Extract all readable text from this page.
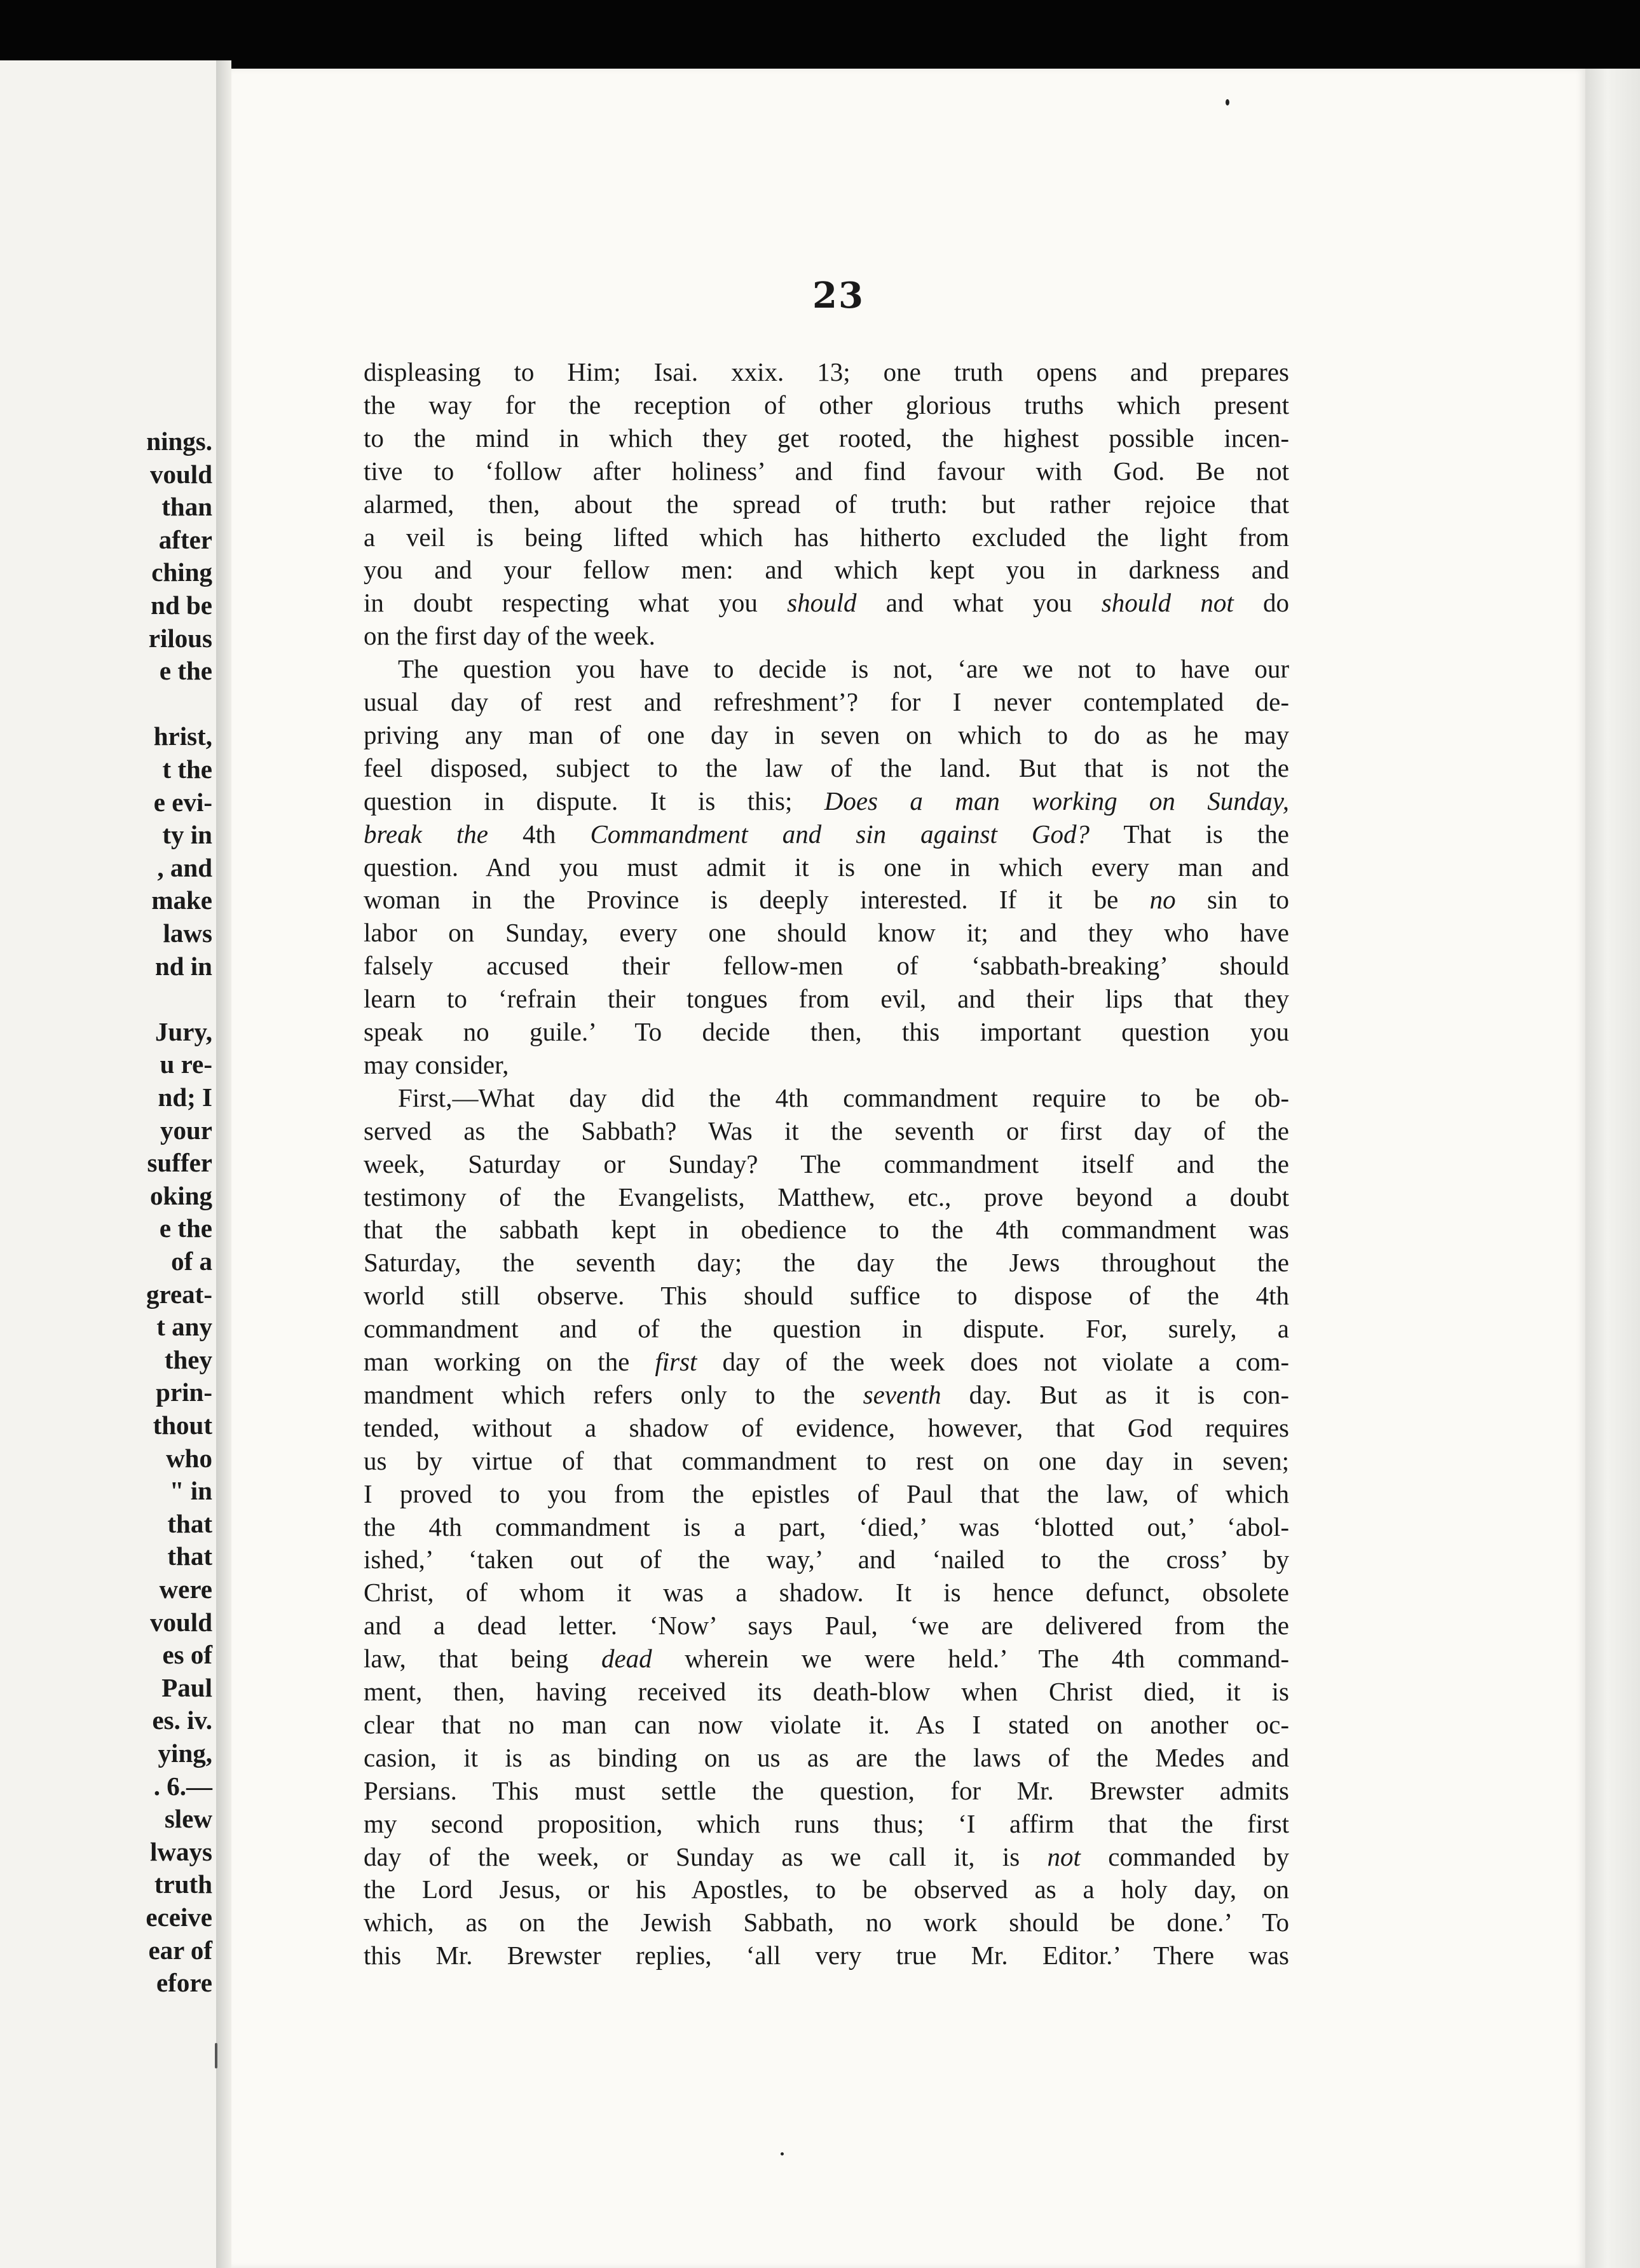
nings.
vould
than
after
ching
nd be
rilous
e the
hrist,
t the
e evi-
ty in
, and
make
laws
nd in
Jury,
u re-
nd; I
your
suffer
oking
e the
of a
great-
t any
they
prin-
thout
who
" in
that
that
were
vould
es of
Paul
es. iv.
ying,
. 6.—
slew
lways
truth
eceive
ear of
efore
23
displeasing to Him; Isai. xxix. 13; one truth opens and prepares
the way for the reception of other glorious truths which present
to the mind in which they get rooted, the highest possible incen-
tive to ‘follow after holiness’ and find favour with God. Be not
alarmed, then, about the spread of truth: but rather rejoice that
a veil is being lifted which has hitherto excluded the light from
you and your fellow men: and which kept you in darkness and
in doubt respecting what you should and what you should not do
on the first day of the week.
The question you have to decide is not, ‘are we not to have our
usual day of rest and refreshment’? for I never contemplated de-
priving any man of one day in seven on which to do as he may
feel disposed, subject to the law of the land. But that is not the
question in dispute. It is this; Does a man working on Sunday,
break the 4th Commandment and sin against God? That is the
question. And you must admit it is one in which every man and
woman in the Province is deeply interested. If it be no sin to
labor on Sunday, every one should know it; and they who have
falsely accused their fellow-men of ‘sabbath-breaking’ should
learn to ‘refrain their tongues from evil, and their lips that they
speak no guile.’ To decide then, this important question you
may consider,
First,—What day did the 4th commandment require to be ob-
served as the Sabbath? Was it the seventh or first day of the
week, Saturday or Sunday? The commandment itself and the
testimony of the Evangelists, Matthew, etc., prove beyond a doubt
that the sabbath kept in obedience to the 4th commandment was
Saturday, the seventh day; the day the Jews throughout the
world still observe. This should suffice to dispose of the 4th
commandment and of the question in dispute. For, surely, a
man working on the first day of the week does not violate a com-
mandment which refers only to the seventh day. But as it is con-
tended, without a shadow of evidence, however, that God requires
us by virtue of that commandment to rest on one day in seven;
I proved to you from the epistles of Paul that the law, of which
the 4th commandment is a part, ‘died,’ was ‘blotted out,’ ‘abol-
ished,’ ‘taken out of the way,’ and ‘nailed to the cross’ by
Christ, of whom it was a shadow. It is hence defunct, obsolete
and a dead letter. ‘Now’ says Paul, ‘we are delivered from the
law, that being dead wherein we were held.’ The 4th command-
ment, then, having received its death-blow when Christ died, it is
clear that no man can now violate it. As I stated on another oc-
casion, it is as binding on us as are the laws of the Medes and
Persians. This must settle the question, for Mr. Brewster admits
my second proposition, which runs thus; ‘I affirm that the first
day of the week, or Sunday as we call it, is not commanded by
the Lord Jesus, or his Apostles, to be observed as a holy day, on
which, as on the Jewish Sabbath, no work should be done.’ To
this Mr. Brewster replies, ‘all very true Mr. Editor.’ There was
